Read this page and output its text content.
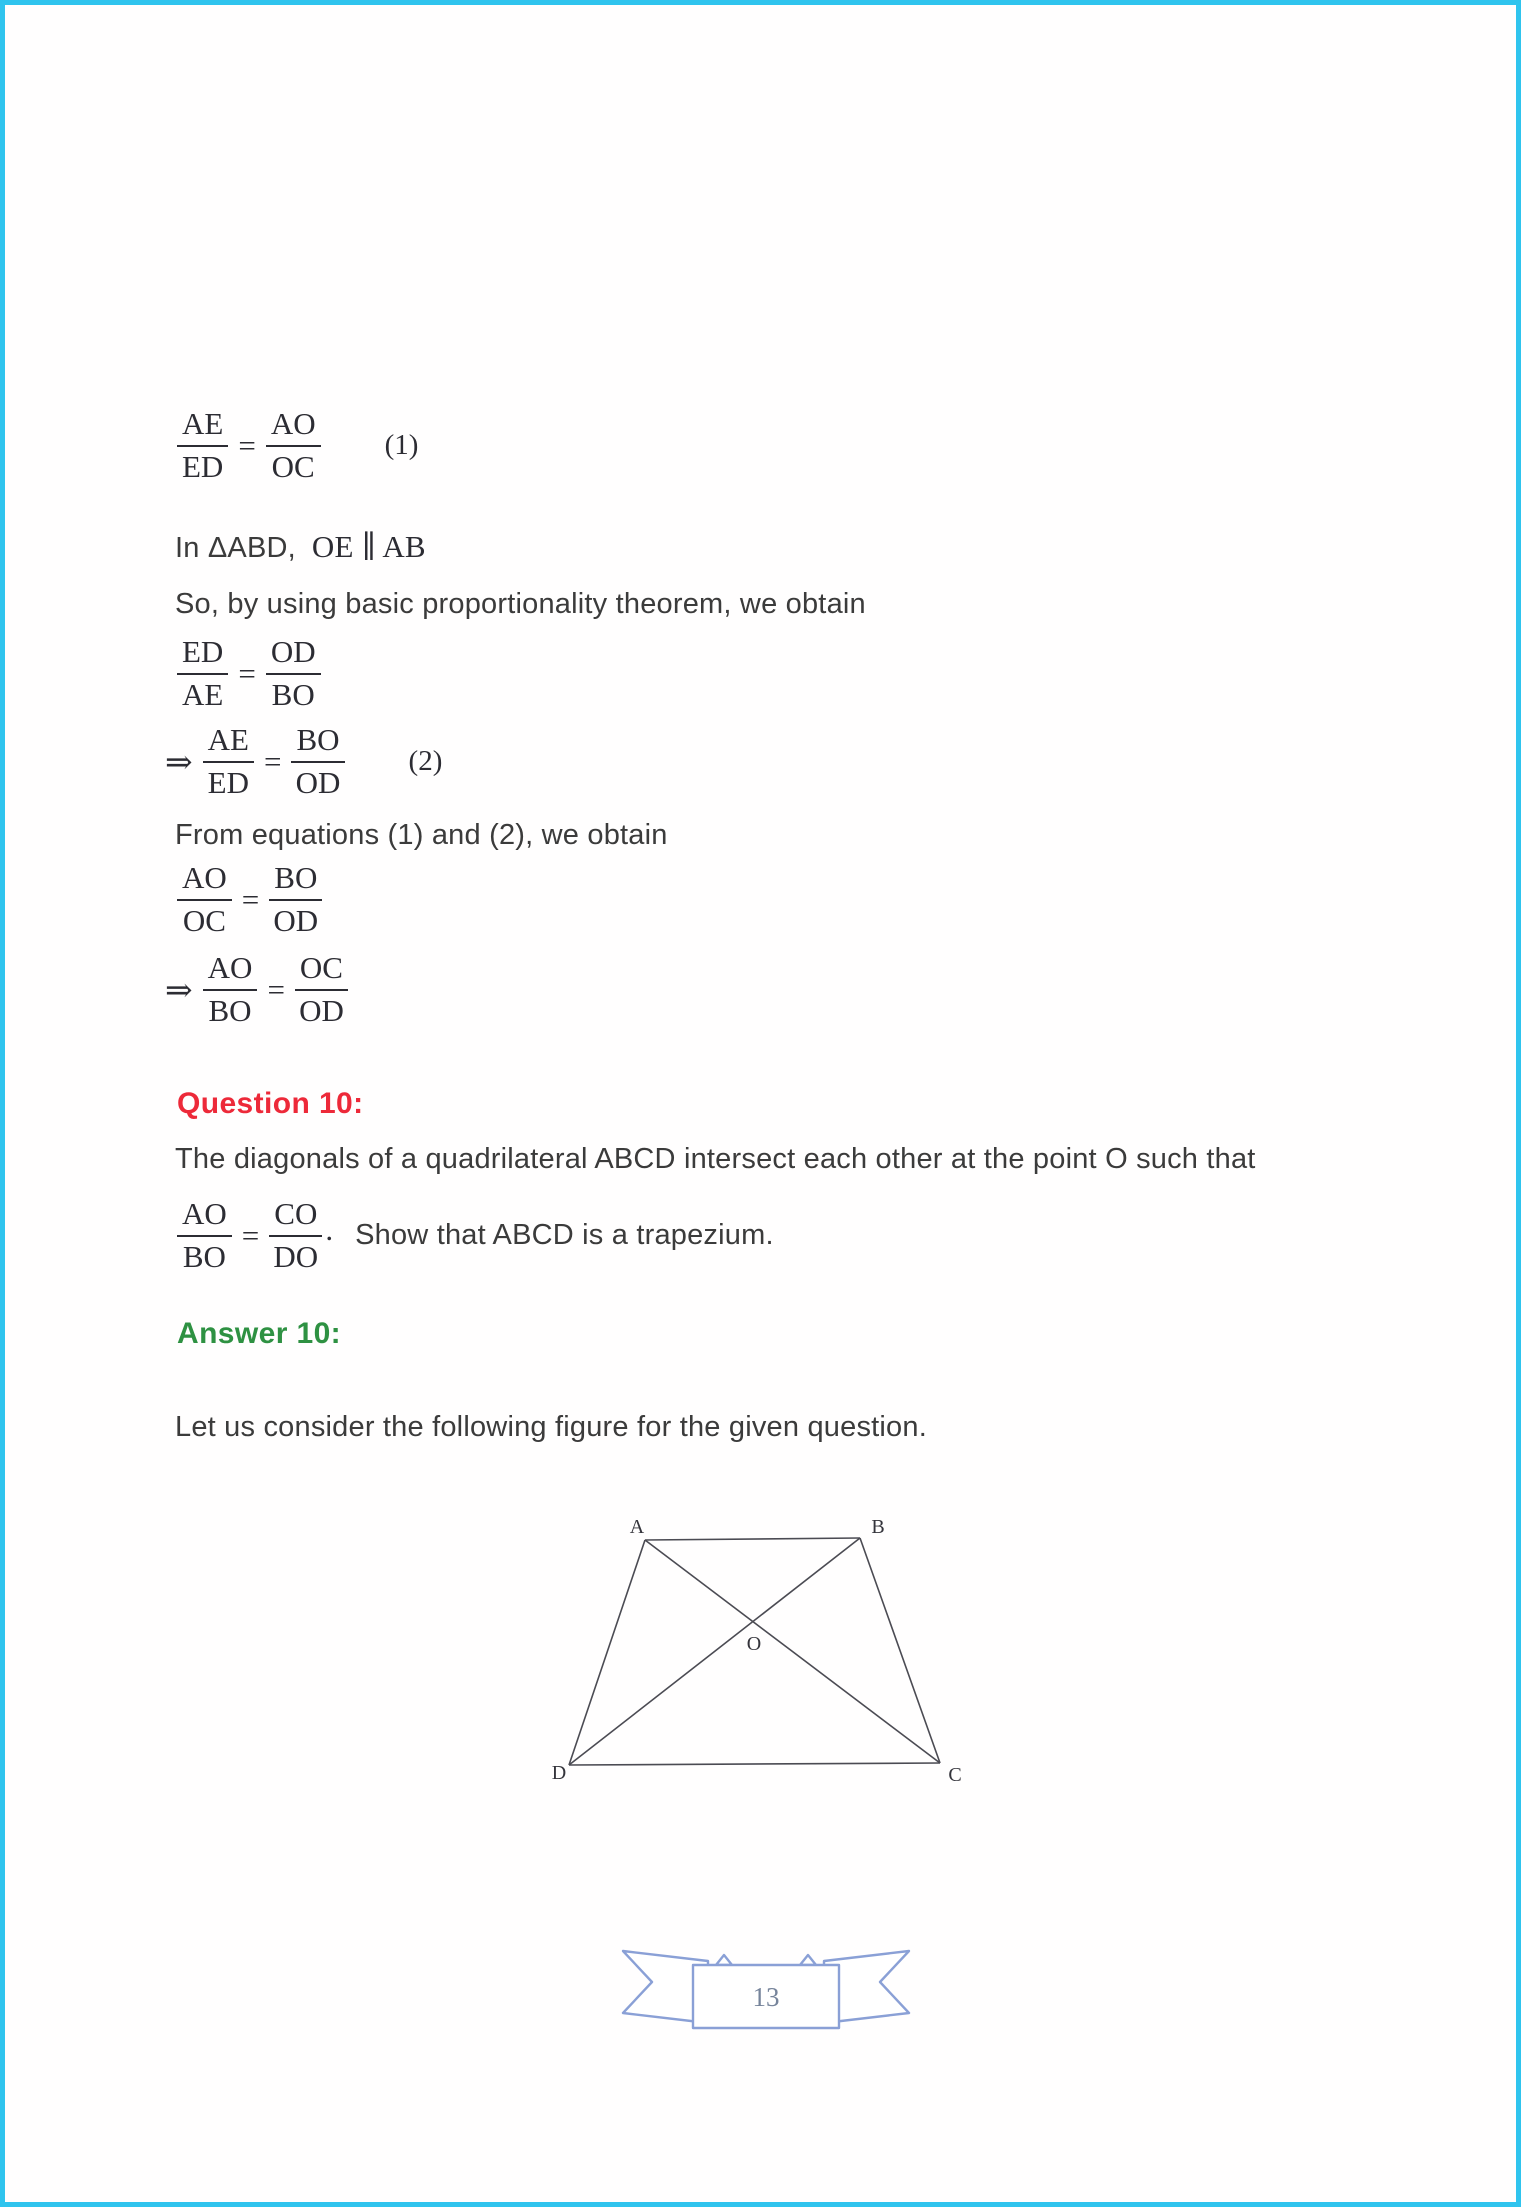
$\frac{AE}{ED} = \frac{AO}{OC} (1)$
In ΔABD, OE ∥ AB
So, by using basic proportionality theorem, we obtain
$\frac{ED}{AE} = \frac{OD}{BO}$
⇒ $\frac{AE}{ED} = \frac{BO}{OD} (2)$
From equations (1) and (2), we obtain
$\frac{AO}{OC} = \frac{BO}{OD}$
⇒ $\frac{AO}{BO} = \frac{OC}{OD}$
Question 10:
The diagonals of a quadrilateral ABCD intersect each other at the point O such that
$\frac{AO}{BO} = \frac{CO}{DO}$ . Show that ABCD is a trapezium.
Answer 10:
Let us consider the following figure for the given question.
A	B
O
D	C
13
